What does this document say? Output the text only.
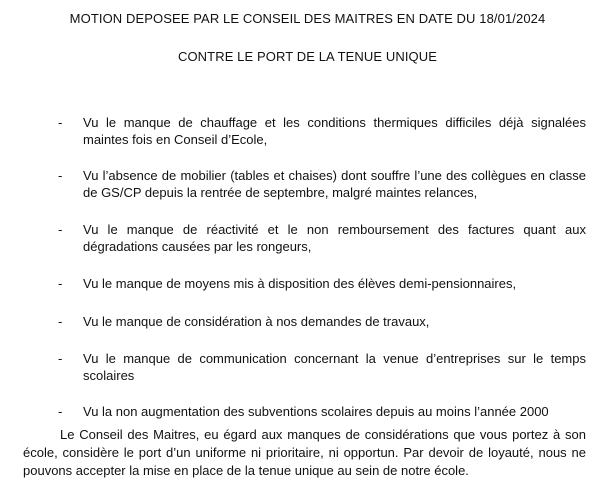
MOTION DEPOSEE PAR LE CONSEIL DES MAITRES EN DATE DU 18/01/2024
CONTRE LE PORT DE LA TENUE UNIQUE
-	Vu le manque de chauffage et les conditions thermiques difficiles déjà signalées maintes fois en Conseil d’Ecole,
-	Vu l’absence de mobilier (tables et chaises) dont souffre l’une des collègues en classe de GS/CP depuis la rentrée de septembre, malgré maintes relances,
-	Vu le manque de réactivité et le non remboursement des factures quant aux dégradations causées par les rongeurs,
-	Vu le manque de moyens mis à disposition des élèves demi-pensionnaires,
-	Vu le manque de considération à nos demandes de travaux,
-	Vu le manque de communication concernant la venue d’entreprises sur le temps scolaires
-	Vu la non augmentation des subventions scolaires depuis au moins l’année 2000

Le Conseil des Maitres, eu égard aux manques de considérations que vous portez à son école, considère le port d’un uniforme ni prioritaire, ni opportun. Par devoir de loyauté, nous ne pouvons accepter la mise en place de la tenue unique au sein de notre école.
